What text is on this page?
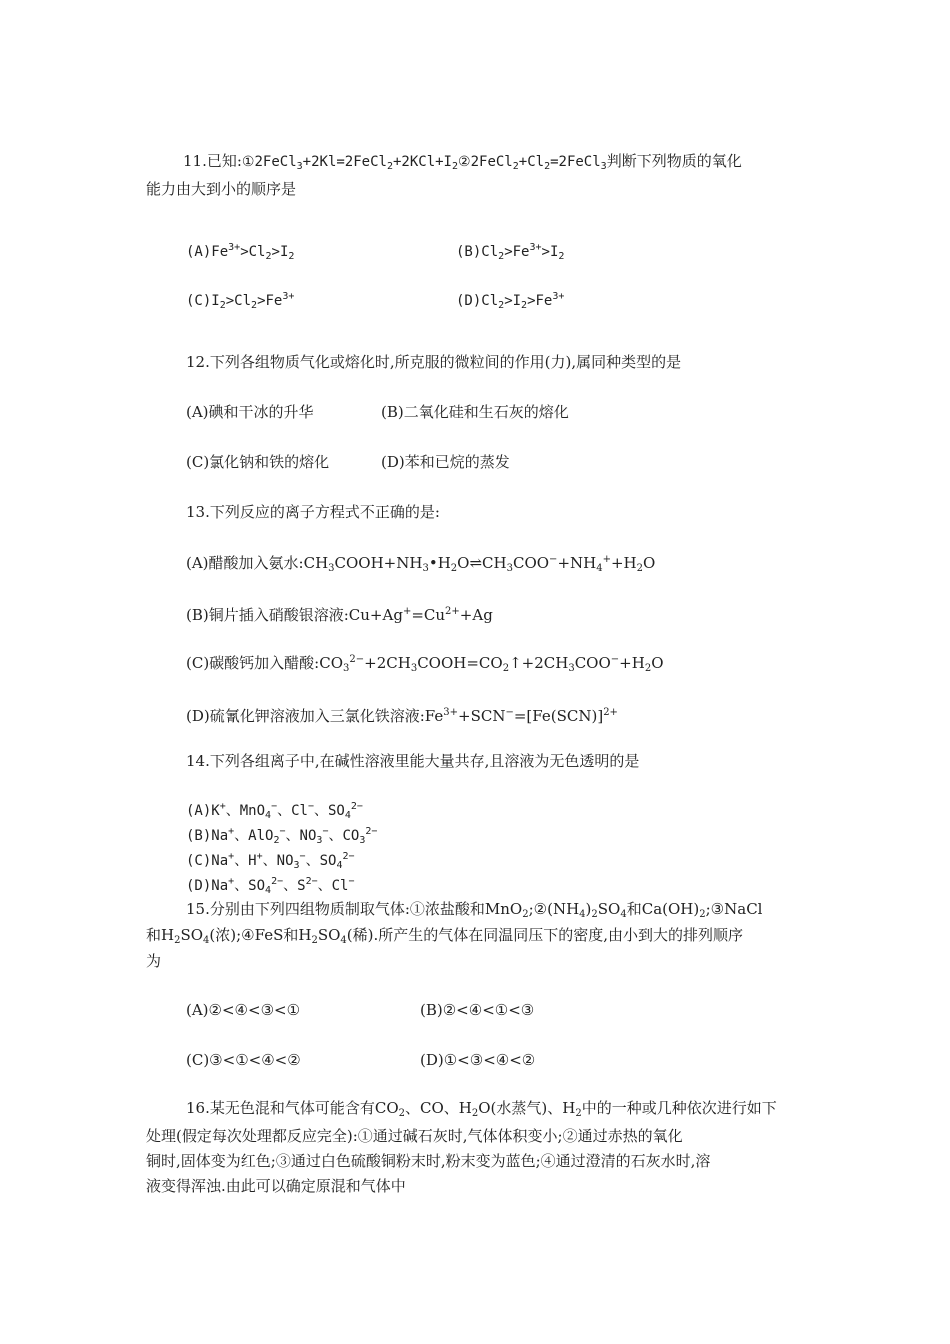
11.已知$:①2FeCl_3+2Kl=2FeCl_2+2KCl+I_2②2FeCl_2+Cl_2=2FeCl_3$判断下列物质的氧化
能力由大到小的顺序是
$(A)Fe^{3+}>Cl_2>I_2$	$(B)Cl_2>Fe^{3+}>I_2$
$(C)I_2>Cl_2>Fe^{3+}$	$(D)Cl_2>I_2>Fe^{3+}$
12.下列各组物质气化或熔化时,所克服的微粒间的作用(力),属同种类型的是
(A)碘和干冰的升华	(B)二氧化硅和生石灰的熔化
(C)氯化钠和铁的熔化	(D)苯和已烷的蒸发
13.下列反应的离子方程式不正确的是:
(A)醋酸加入氨水$:CH_3COOH+NH_3•H_2O\rightleftharpoons CH_3COO^-+NH_4^++H_2O$
(B)铜片插入硝酸银溶液$:Cu+Ag^+=Cu^{2+}+Ag$
(C)碳酸钙加入醋酸$:CO_3^{2-}+2CH_3COOH=CO_2↑+2CH_3COO^-+H_2O$
(D)硫氰化钾溶液加入三氯化铁溶液$:Fe^{3+}+SCN^-=[Fe(SCN)]^{2+}$
14.下列各组离子中,在碱性溶液里能大量共存,且溶液为无色透明的是
(A)K+、MnO$_4$−、Cl−、$SO_4^{2-}$
(B)Na+、AlO$_2$−、$NO_3^-$、$CO_3^{2-}$
(C)Na+、H+、$NO_3^-$、$SO_4^{2-}$
(D)Na+、$SO_4^{2-}$、$S^{2-}$、Cl−
15.分别由下列四组物质制取气体:①浓盐酸和$MnO_2;②(NH_4)_2SO_4$和$Ca(OH)_2;③NaCl$
和$H_2SO_4$(浓);④FeS和$H_2SO_4$(稀).所产生的气体在同温同压下的密度,由小到大的排列顺序
为
(A)②<④<③<①	(B)②<④<①<③
(C)③<①<④<②	(D)①<③<④<②
16.某无色混和气体可能含有$CO_2$、CO、$H_2O$(水蒸气)、$H_2$中的一种或几种依次进行如下
处理(假定每次处理都反应完全):①通过碱石灰时,气体体积变小;②通过赤热的氧化
铜时,固体变为红色;③通过白色硫酸铜粉末时,粉末变为蓝色;④通过澄清的石灰水时,溶
液变得浑浊.由此可以确定原混和气体中
